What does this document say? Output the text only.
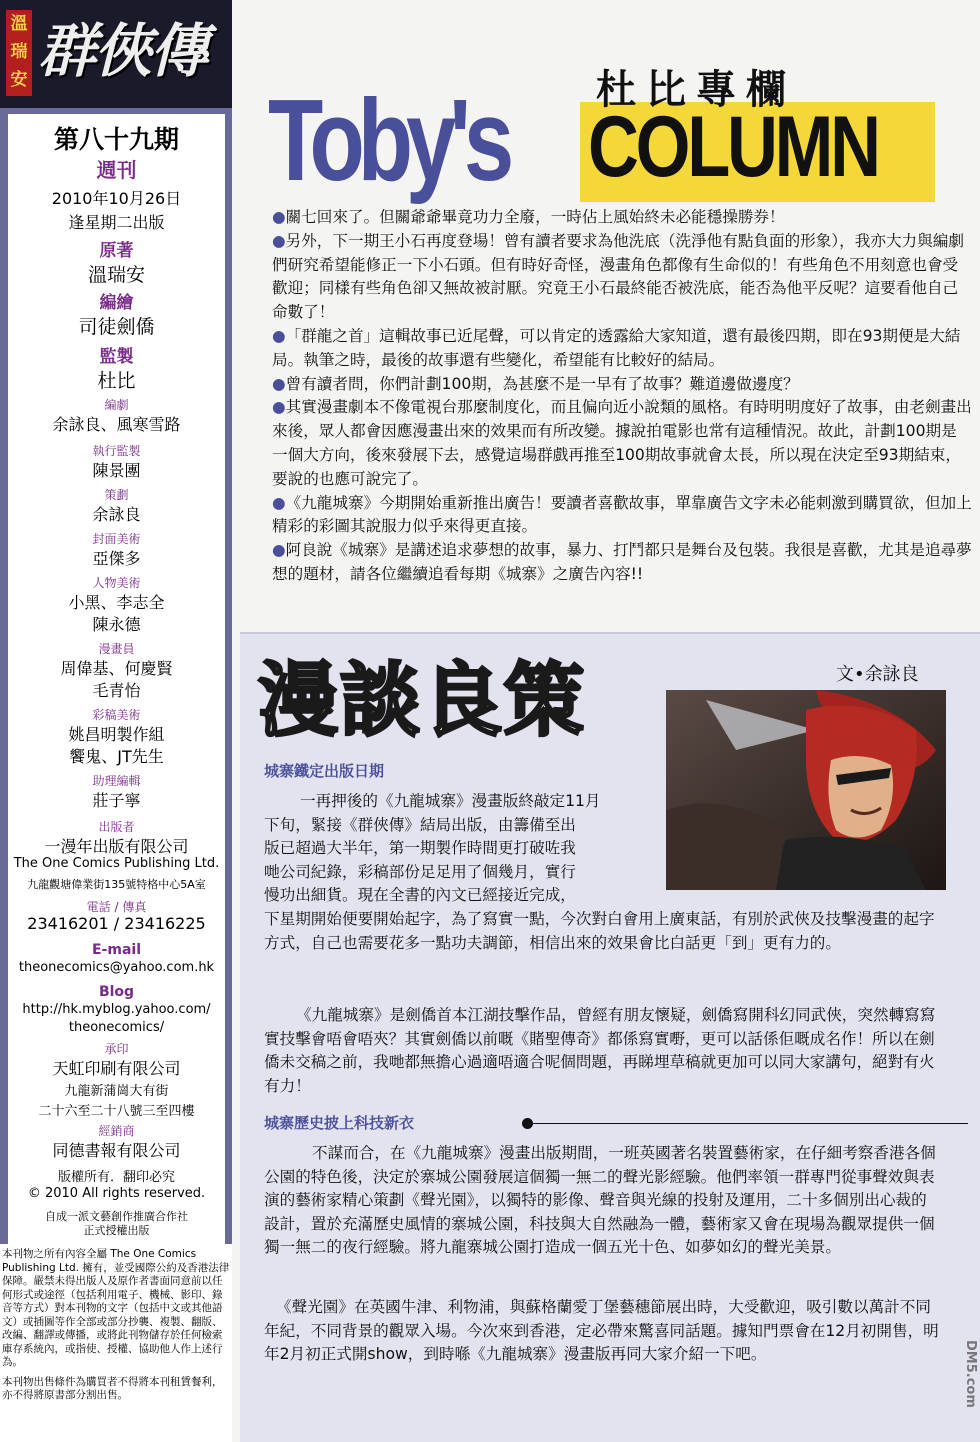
溫瑞安 群俠傳
第八十九期
週刊
2010年10月26日
逢星期二出版
原著
溫瑞安
編繪
司徒劍僑
監製
杜比
編劇
余詠良、風寒雪路
執行監製
陳景團
策劃
余詠良
封面美術
亞傑多
人物美術
小黑、李志全
陳永德
漫畫員
周偉基、何慶賢
毛青怡
彩稿美術
姚昌明製作組
饗鬼、JT先生
助理編輯
莊子寧
出版者
一漫年出版有限公司
The One Comics Publishing Ltd.
九龍觀塘偉業街135號特格中心5A室
電話 / 傳真
23416201 / 23416225
E-mail
theonecomics@yahoo.com.hk
Blog
http://hk.myblog.yahoo.com/
theonecomics/
承印
天虹印刷有限公司
九龍新蒲崗大有街
二十六至二十八號三至四樓
經銷商
同德書報有限公司
版權所有．翻印必究
© 2010 All rights reserved.
自成一派文藝創作推廣合作社
正式授權出版

本刊物之所有內容全屬 The One Comics Publishing Ltd. 擁有，並受國際公約及香港法律保障。嚴禁未得出版人及原作者書面同意前以任何形式或途徑（包括利用電子、機械、影印、錄音等方式）對本刊物的文字（包括中文或其他語文）或插圖等作全部或部分抄襲、複製、翻版、改編、翻譯或傳播，或將此刊物儲存於任何檢索庫存系統內，或指使、授權、協助他人作上述行為。

本刊物出售條件為購買者不得將本刊租賃餐利，亦不得將原書部分割出售。

Toby's COLUMN
杜比專欄

●關七回來了。但關爺爺畢竟功力全廢，一時佔上風始終未必能穩操勝券！

●另外，下一期王小石再度登場！曾有讀者要求為他洗底（洗淨他有點負面的形象），我亦大力與編劇們研究希望能修正一下小石頭。但有時好奇怪，漫畫角色都像有生命似的！有些角色不用刻意也會受歡迎；同樣有些角色卻又無故被討厭。究竟王小石最終能否被洗底，能否為他平反呢？這要看他自己命數了！

●「群龍之首」這輯故事已近尾聲，可以肯定的透露給大家知道，還有最後四期，即在93期便是大結局。執筆之時，最後的故事還有些變化，希望能有比較好的結局。

●曾有讀者問，你們計劃100期，為甚麼不是一早有了故事？難道邊做邊度？

●其實漫畫劇本不像電視台那麼制度化，而且偏向近小說類的風格。有時明明度好了故事，由老劍畫出來後，眾人都會因應漫畫出來的效果而有所改變。據說拍電影也常有這種情況。故此，計劃100期是一個大方向，後來發展下去，感覺這場群戲再推至100期故事就會太長，所以現在決定至93期結束，要說的也應可說完了。

●《九龍城寨》今期開始重新推出廣告！要讀者喜歡故事，單靠廣告文字未必能刺激到購買欲，但加上精彩的彩圖其說服力似乎來得更直接。

●阿良說《城寨》是講述追求夢想的故事，暴力、打鬥都只是舞台及包裝。我很是喜歡，尤其是追尋夢想的題材，請各位繼續追看每期《城寨》之廣告內容!!

漫談良策	文•余詠良
城寨鐵定出版日期
一再押後的《九龍城寨》漫畫版終敲定11月
下旬，緊接《群俠傳》結局出版，由籌備至出
版已超過大半年，第一期製作時間更打破咗我
哋公司紀錄，彩稿部份足足用了個幾月，實行
慢功出細貨。現在全書的內文已經接近完成，
下星期開始便要開始起字，為了寫實一點，今次對白會用上廣東話，有別於武俠及技擊漫畫的起字方式，自己也需要花多一點功夫調節，相信出來的效果會比白話更「到」更有力的。
《九龍城寨》是劍僑首本江湖技擊作品，曾經有朋友懷疑，劍僑寫開科幻同武俠，突然轉寫寫實技擊會唔會唔夾？其實劍僑以前嘅《賭聖傳奇》都係寫實嘢，更可以話係佢嘅成名作！所以在劍僑未交稿之前，我哋都無擔心過適唔適合呢個問題，再睇埋草稿就更加可以同大家講句，絕對有火有力！
城寨歷史披上科技新衣
不謀而合，在《九龍城寨》漫畫出版期間，一班英國著名裝置藝術家，在仔細考察香港各個公園的特色後，決定於寨城公園發展這個獨一無二的聲光影經驗。他們率領一群專門從事聲效與表演的藝術家精心策劃《聲光園》，以獨特的影像、聲音與光線的投射及運用，二十多個別出心裁的設計，置於充滿歷史風情的寨城公園，科技與大自然融為一體，藝術家又會在現場為觀眾提供一個獨一無二的夜行經驗。將九龍寨城公園打造成一個五光十色、如夢如幻的聲光美景。
《聲光園》在英國牛津、利物浦，與蘇格蘭愛丁堡藝穗節展出時，大受歡迎，吸引數以萬計不同年紀，不同背景的觀眾入場。今次來到香港，定必帶來驚喜同話題。據知門票會在12月初開售，明年2月初正式開show，到時喺《九龍城寨》漫畫版再同大家介紹一下吧。	DM5.com
